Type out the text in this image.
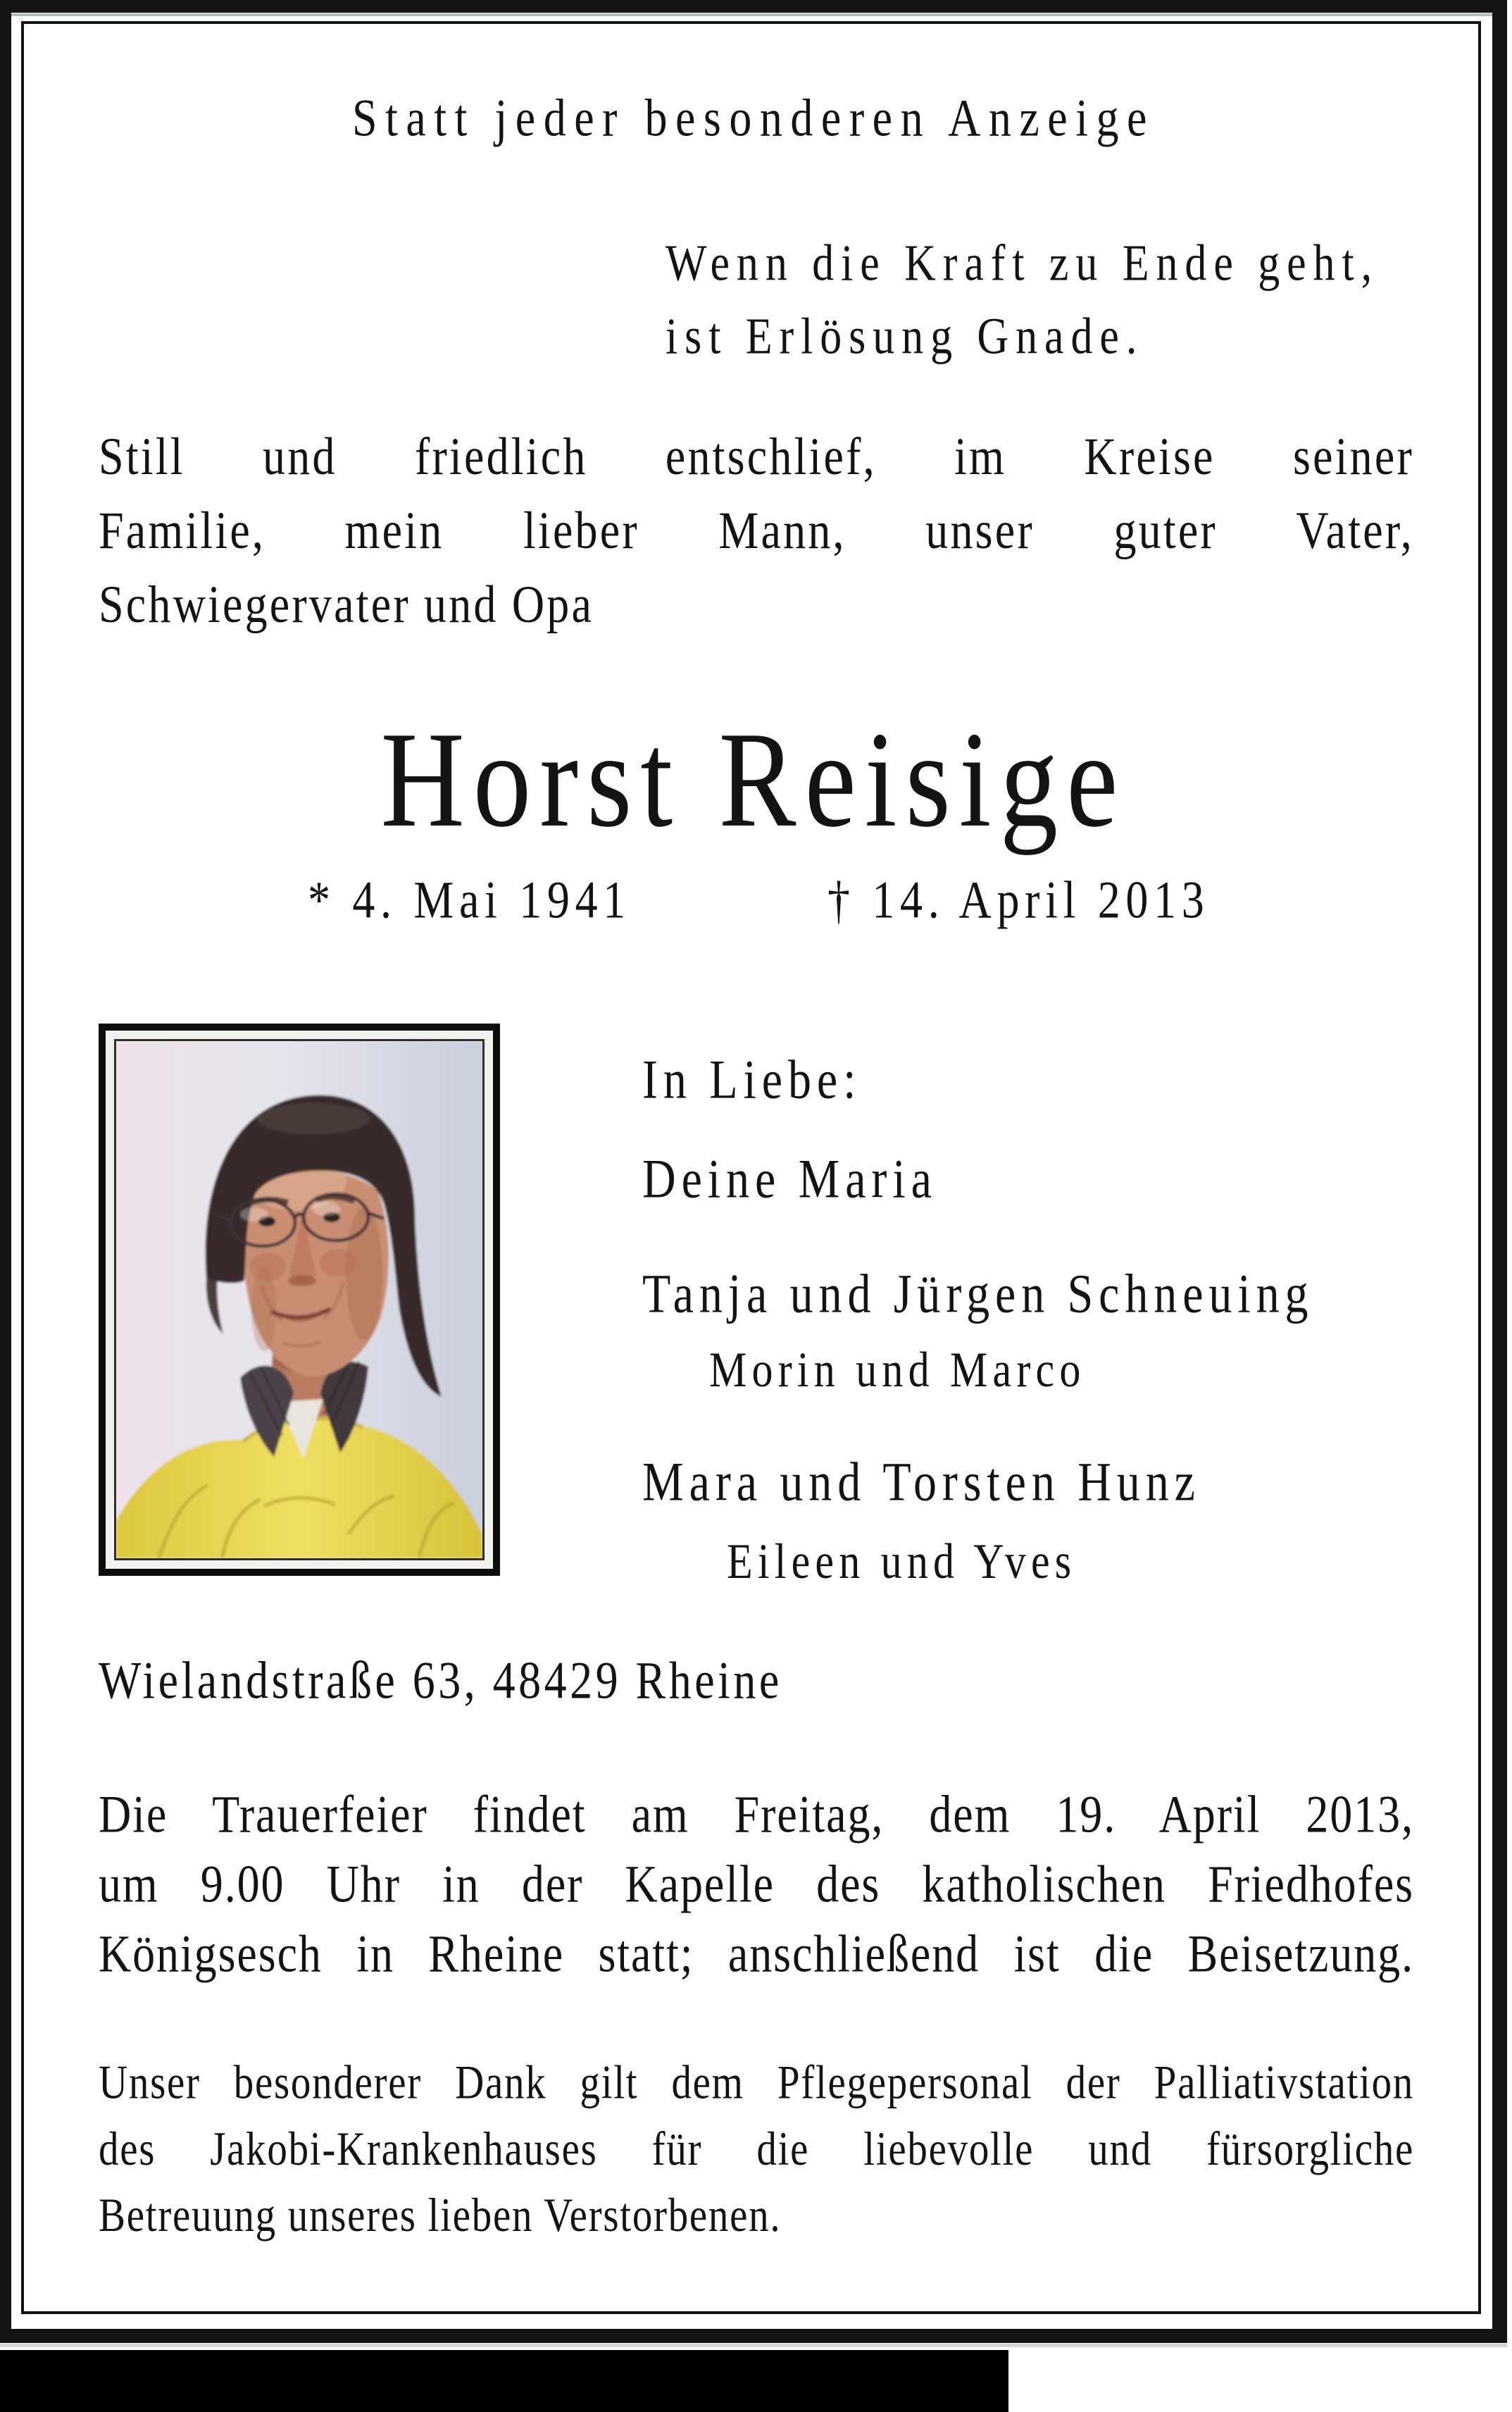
Statt jeder besonderen Anzeige
Wenn die Kraft zu Ende geht,
ist Erlösung Gnade.
Still und friedlich entschlief, im Kreise seiner
Familie, mein lieber Mann, unser guter Vater,
Schwiegervater und Opa
Horst Reisige
* 4. Mai 1941	† 14. April 2013
In Liebe:
Deine Maria
Tanja und Jürgen Schneuing
Morin und Marco
Mara und Torsten Hunz
Eileen und Yves
Wielandstraße 63, 48429 Rheine
Die Trauerfeier findet am Freitag, dem 19. April 2013,
um 9.00 Uhr in der Kapelle des katholischen Friedhofes
Königsesch in Rheine statt; anschließend ist die Beisetzung.
Unser besonderer Dank gilt dem Pflegepersonal der Palliativstation
des Jakobi-Krankenhauses für die liebevolle und fürsorgliche
Betreuung unseres lieben Verstorbenen.
